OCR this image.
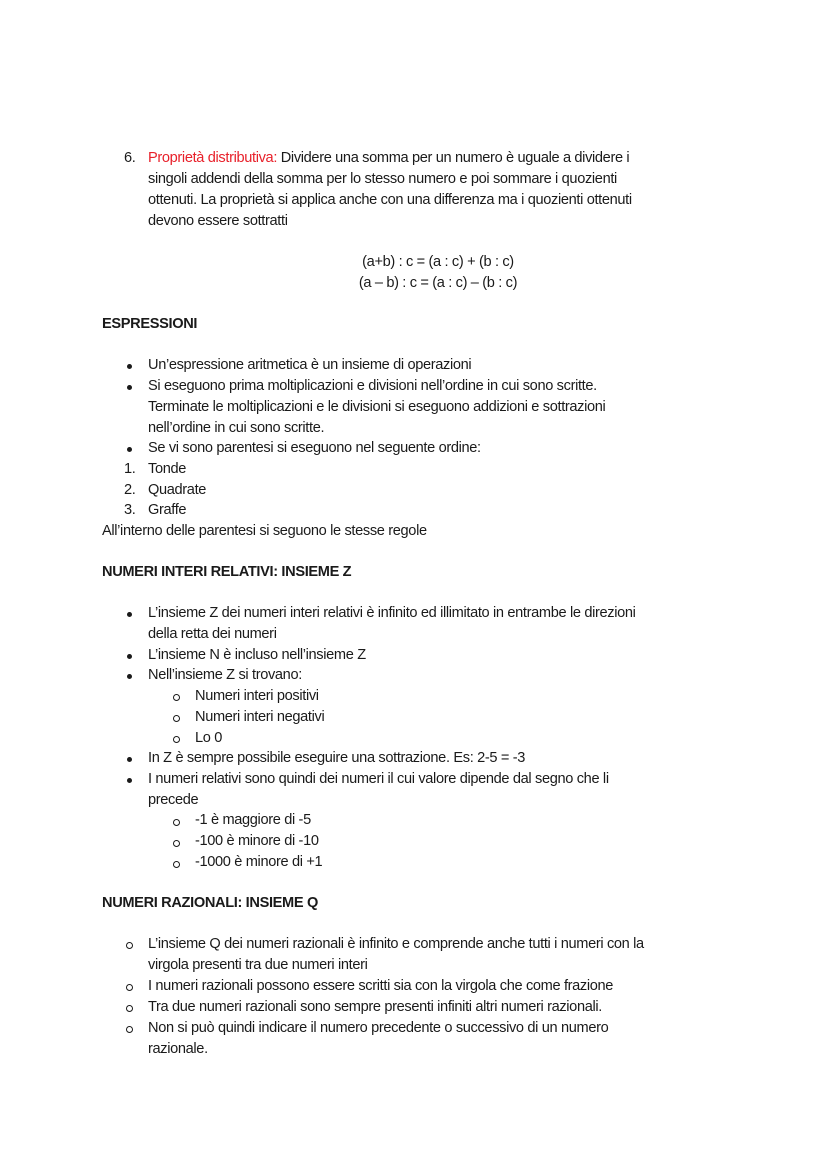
6. Proprietà distributiva: Dividere una somma per un numero è uguale a dividere i
singoli addendi della somma per lo stesso numero e poi sommare i quozienti
ottenuti. La proprietà si applica anche con una differenza ma i quozienti ottenuti
devono essere sottratti
(a+b) : c = (a : c) + (b : c)
(a – b) : c = (a : c) – (b : c)
ESPRESSIONI
Un’espressione aritmetica è un insieme di operazioni
Si eseguono prima moltiplicazioni e divisioni nell’ordine in cui sono scritte.
Terminate le moltiplicazioni e le divisioni si eseguono addizioni e sottrazioni
nell’ordine in cui sono scritte.
Se vi sono parentesi si eseguono nel seguente ordine:
1. Tonde
2. Quadrate
3. Graffe
All’interno delle parentesi si seguono le stesse regole
NUMERI INTERI RELATIVI: INSIEME Z
L’insieme Z dei numeri interi relativi è infinito ed illimitato in entrambe le direzioni
della retta dei numeri
L’insieme N è incluso nell’insieme Z
Nell’insieme Z si trovano:
Numeri interi positivi
Numeri interi negativi
Lo 0
In Z è sempre possibile eseguire una sottrazione. Es: 2-5 = -3
I numeri relativi sono quindi dei numeri il cui valore dipende dal segno che li
precede
-1 è maggiore di -5
-100 è minore di -10
-1000 è minore di +1
NUMERI RAZIONALI: INSIEME Q
L’insieme Q dei numeri razionali è infinito e comprende anche tutti i numeri con la
virgola presenti tra due numeri interi
I numeri razionali possono essere scritti sia con la virgola che come frazione
Tra due numeri razionali sono sempre presenti infiniti altri numeri razionali.
Non si può quindi indicare il numero precedente o successivo di un numero
razionale.
